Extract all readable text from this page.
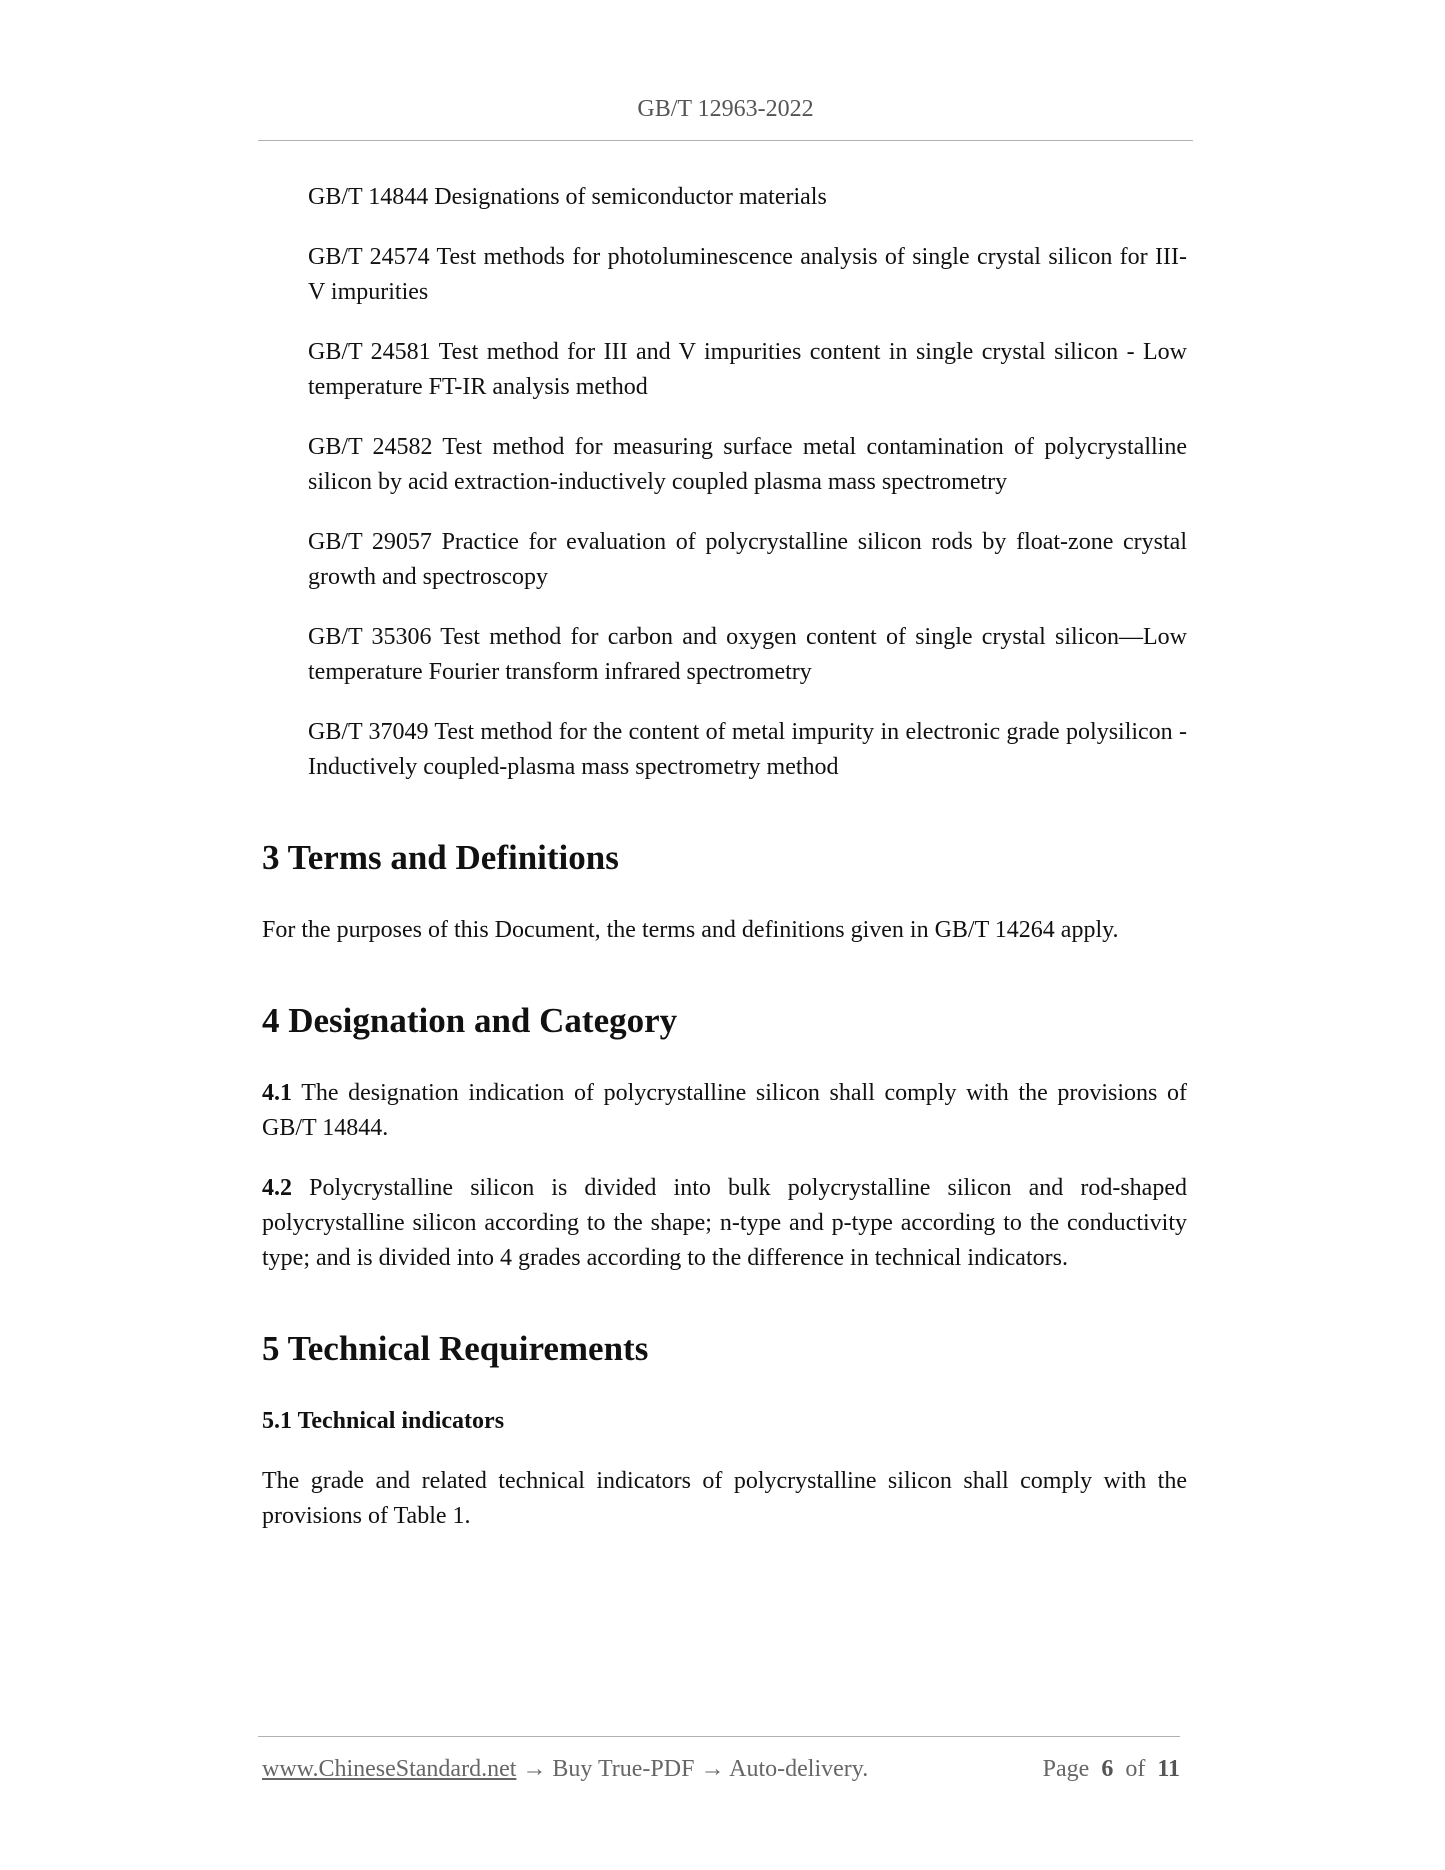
GB/T 12963-2022

GB/T 14844 Designations of semiconductor materials

GB/T 24574 Test methods for photoluminescence analysis of single crystal silicon for III-V impurities

GB/T 24581 Test method for III and V impurities content in single crystal silicon - Low temperature FT-IR analysis method

GB/T 24582 Test method for measuring surface metal contamination of polycrystalline silicon by acid extraction-inductively coupled plasma mass spectrometry

GB/T 29057 Practice for evaluation of polycrystalline silicon rods by float-zone crystal growth and spectroscopy

GB/T 35306 Test method for carbon and oxygen content of single crystal silicon—Low temperature Fourier transform infrared spectrometry

GB/T 37049 Test method for the content of metal impurity in electronic grade polysilicon - Inductively coupled-plasma mass spectrometry method

3 Terms and Definitions

For the purposes of this Document, the terms and definitions given in GB/T 14264 apply.

4 Designation and Category

4.1 The designation indication of polycrystalline silicon shall comply with the provisions of GB/T 14844.

4.2 Polycrystalline silicon is divided into bulk polycrystalline silicon and rod-shaped polycrystalline silicon according to the shape; n-type and p-type according to the conductivity type; and is divided into 4 grades according to the difference in technical indicators.

5 Technical Requirements
5.1 Technical indicators

The grade and related technical indicators of polycrystalline silicon shall comply with the provisions of Table 1.

www.ChineseStandard.net → Buy True-PDF → Auto-delivery.	Page 6 of 11
